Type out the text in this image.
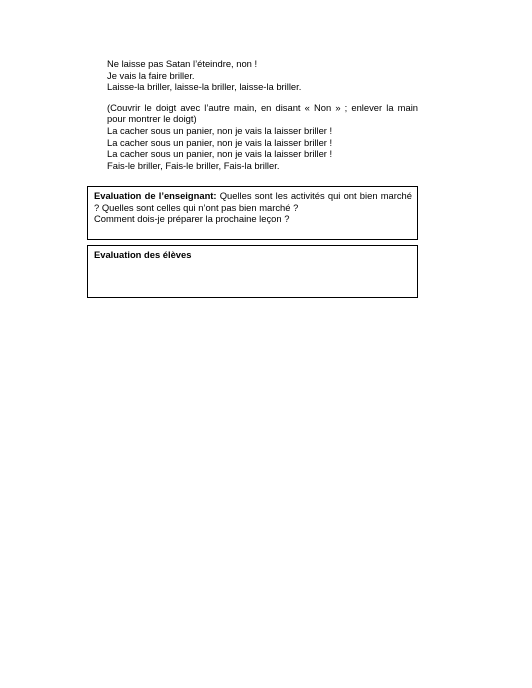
Ne laisse pas Satan l’éteindre, non !
Je vais la faire briller.
Laisse-la briller, laisse-la briller, laisse-la briller.
(Couvrir le doigt avec l’autre main, en disant « Non » ; enlever la main pour montrer le doigt)
La cacher sous un panier, non je vais la laisser briller !
La cacher sous un panier, non je vais la laisser briller !
La cacher sous un panier, non je vais la laisser briller !
Fais-le briller, Fais-le briller, Fais-la briller.
Evaluation de l’enseignant: Quelles sont les activités qui ont bien marché ? Quelles sont celles qui n’ont pas bien marché ?
Comment dois-je préparer la prochaine leçon ?
Evaluation des élèves
